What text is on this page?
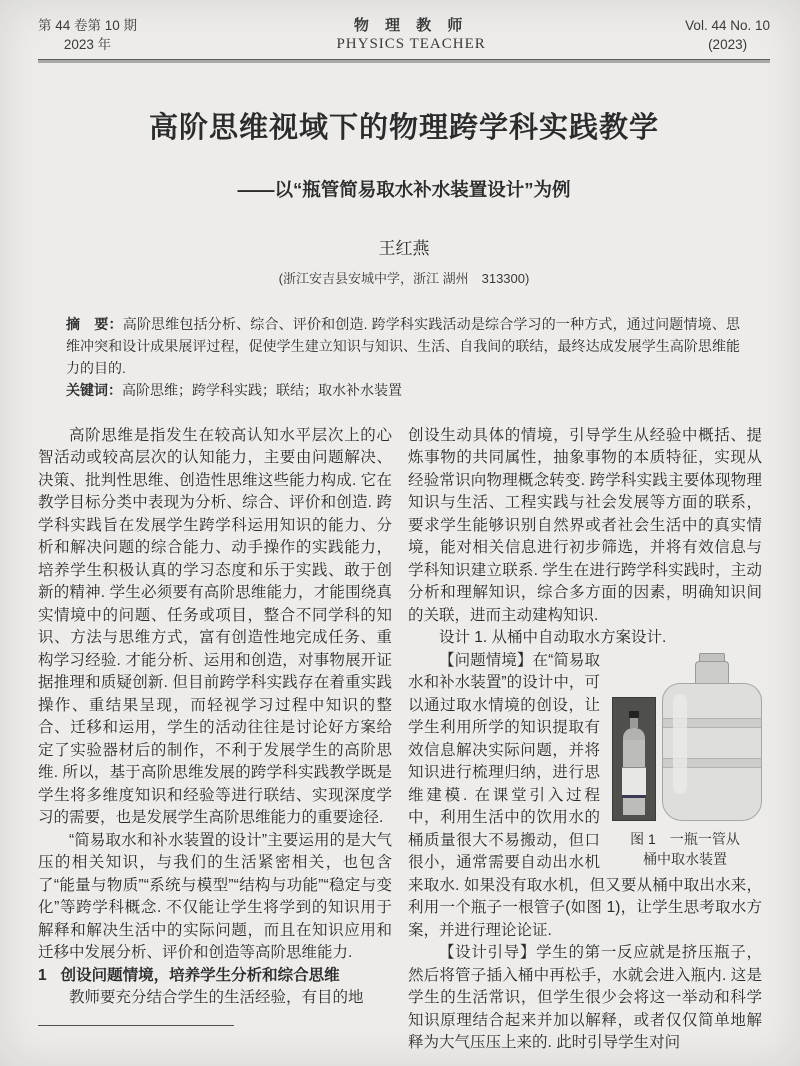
第 44 卷第 10 期
2023 年
物 理 教 师
PHYSICS TEACHER
Vol. 44 No. 10
(2023)
高阶思维视域下的物理跨学科实践教学
——以“瓶管简易取水补水装置设计”为例
王红燕
(浙江安吉县安城中学，浙江 湖州　313300)
摘　要：高阶思维包括分析、综合、评价和创造. 跨学科实践活动是综合学习的一种方式，通过问题情境、思维冲突和设计成果展评过程，促使学生建立知识与知识、生活、自我间的联结，最终达成发展学生高阶思维能力的目的.
关键词：高阶思维；跨学科实践；联结；取水补水装置

高阶思维是指发生在较高认知水平层次上的心智活动或较高层次的认知能力，主要由问题解决、决策、批判性思维、创造性思维这些能力构成. 它在教学目标分类中表现为分析、综合、评价和创造. 跨学科实践旨在发展学生跨学科运用知识的能力、分析和解决问题的综合能力、动手操作的实践能力，培养学生积极认真的学习态度和乐于实践、敢于创新的精神. 学生必须要有高阶思维能力，才能围绕真实情境中的问题、任务或项目，整合不同学科的知识、方法与思维方式，富有创造性地完成任务、重构学习经验. 才能分析、运用和创造，对事物展开证据推理和质疑创新. 但目前跨学科实践存在着重实践操作、重结果呈现，而轻视学习过程中知识的整合、迁移和运用，学生的活动往往是讨论好方案给定了实验器材后的制作，不利于发展学生的高阶思维. 所以，基于高阶思维发展的跨学科实践教学既是学生将多维度知识和经验等进行联结、实现深度学习的需要，也是发展学生高阶思维能力的重要途径.

“简易取水和补水装置的设计”主要运用的是大气压的相关知识，与我们的生活紧密相关，也包含了“能量与物质”“系统与模型”“结构与功能”“稳定与变化”等跨学科概念. 不仅能让学生将学到的知识用于解释和解决生活中的实际问题，而且在知识应用和迁移中发展分析、评价和创造等高阶思维能力.

1 创设问题情境，培养学生分析和综合思维

教师要充分结合学生的生活经验，有目的地

创设生动具体的情境，引导学生从经验中概括、提炼事物的共同属性，抽象事物的本质特征，实现从经验常识向物理概念转变. 跨学科实践主要体现物理知识与生活、工程实践与社会发展等方面的联系，要求学生能够识别自然界或者社会生活中的真实情境，能对相关信息进行初步筛选，并将有效信息与学科知识建立联系. 学生在进行跨学科实践时，主动分析和理解知识，综合多方面的因素，明确知识间的关联，进而主动建构知识.

设计 1. 从桶中自动取水方案设计.

图 1　一瓶一管从
桶中取水装置

【问题情境】在“简易取水和补水装置”的设计中，可以通过取水情境的创设，让学生利用所学的知识提取有效信息解决实际问题，并将知识进行梳理归纳，进行思维建模. 在课堂引入过程中，利用生活中的饮用水的桶质量很大不易搬动，但口很小，通常需要自动出水机来取水. 如果没有取水机，但又要从桶中取出水来，利用一个瓶子一根管子(如图 1)，让学生思考取水方案，并进行理论论证.

【设计引导】学生的第一反应就是挤压瓶子，然后将管子插入桶中再松手，水就会进入瓶内. 这是学生的生活常识，但学生很少会将这一举动和科学知识原理结合起来并加以解释，或者仅仅简单地解释为大气压压上来的. 此时引导学生对问
